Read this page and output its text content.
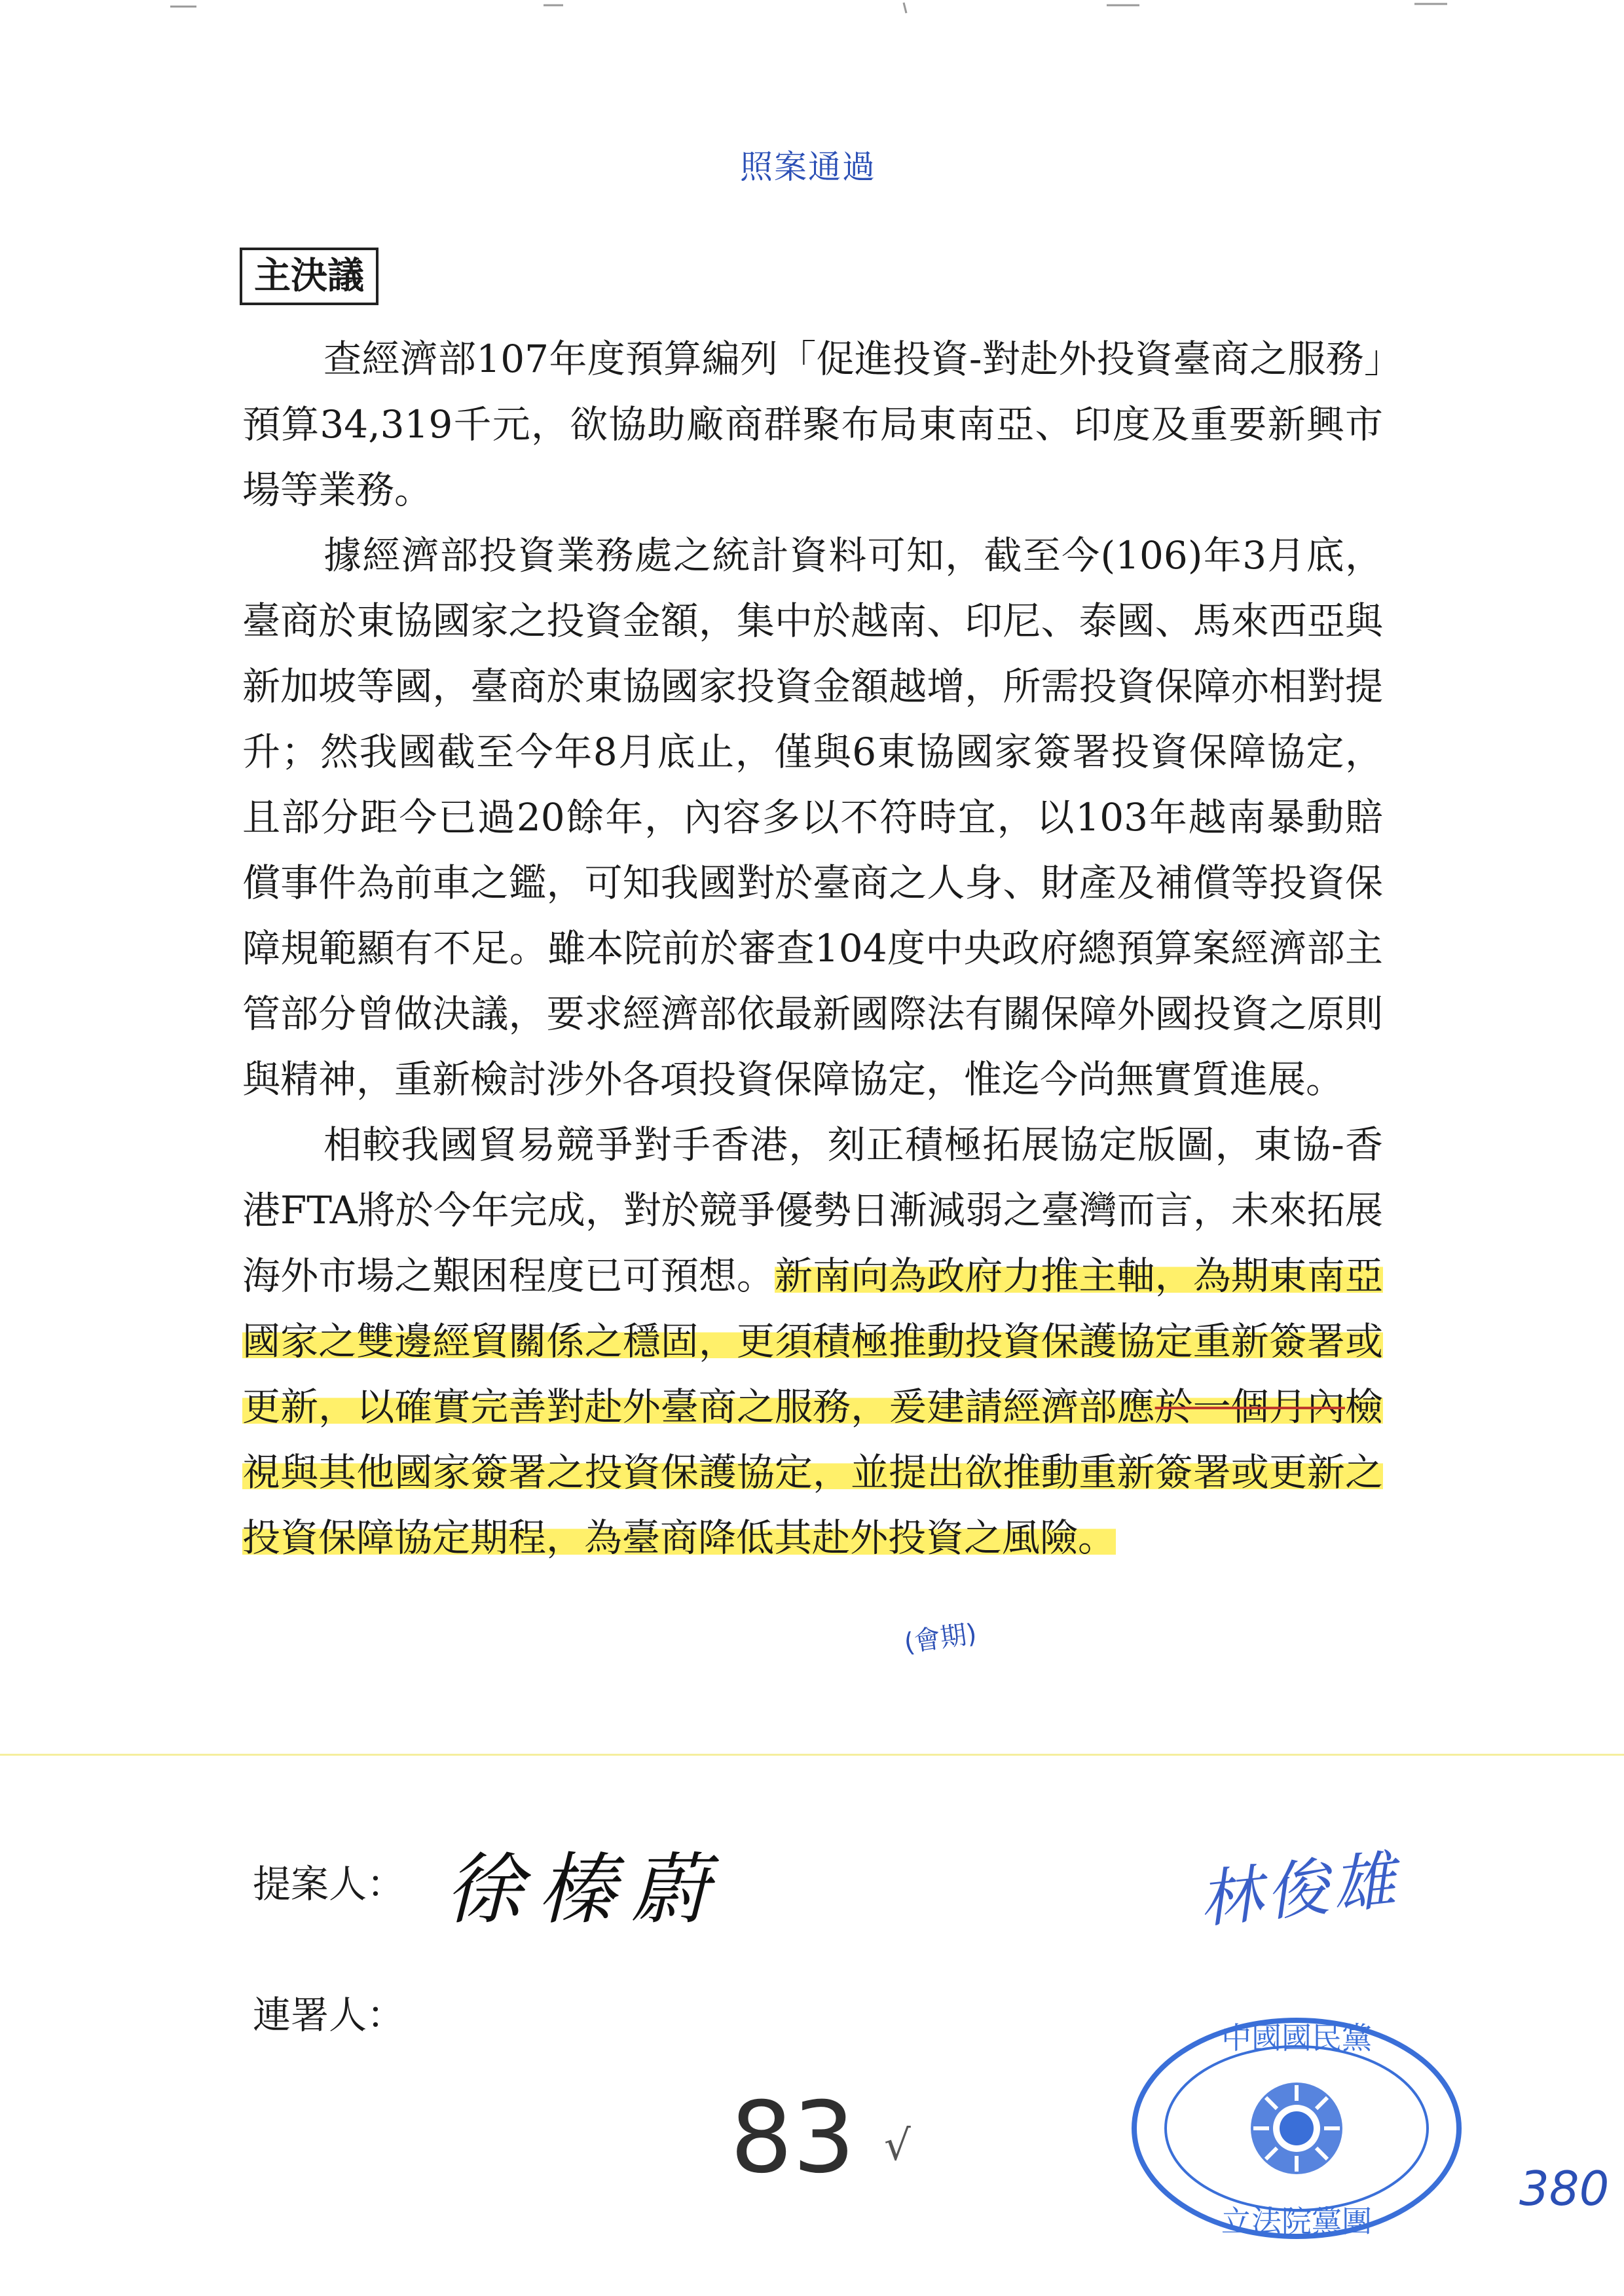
照案通過
主決議

查經濟部107年度預算編列「促進投資-對赴外投資臺商之服務」預算34,319千元，欲協助廠商群聚布局東南亞、印度及重要新興市場等業務。

據經濟部投資業務處之統計資料可知，截至今(106)年3月底，臺商於東協國家之投資金額，集中於越南、印尼、泰國、馬來西亞與新加坡等國，臺商於東協國家投資金額越增，所需投資保障亦相對提升；然我國截至今年8月底止，僅與6東協國家簽署投資保障協定，且部分距今已過20餘年，內容多以不符時宜，以103年越南暴動賠償事件為前車之鑑，可知我國對於臺商之人身、財產及補償等投資保障規範顯有不足。雖本院前於審查104度中央政府總預算案經濟部主管部分曾做決議，要求經濟部依最新國際法有關保障外國投資之原則與精神，重新檢討涉外各項投資保障協定，惟迄今尚無實質進展。

相較我國貿易競爭對手香港，刻正積極拓展協定版圖，東協-香港FTA將於今年完成，對於競爭優勢日漸減弱之臺灣而言，未來拓展海外市場之艱困程度已可預想。新南向為政府力推主軸，為期東南亞國家之雙邊經貿關係之穩固，更須積極推動投資保護協定重新簽署或更新，以確實完善對赴外臺商之服務，爰建請經濟部應於一個月內檢視與其他國家簽署之投資保護協定，並提出欲推動重新簽署或更新之投資保障協定期程，為臺商降低其赴外投資之風險。

(會期)
提案人： 徐榛蔚	林俊雄
連署人：
83 √
380
中國國民黨
立法院黨團
